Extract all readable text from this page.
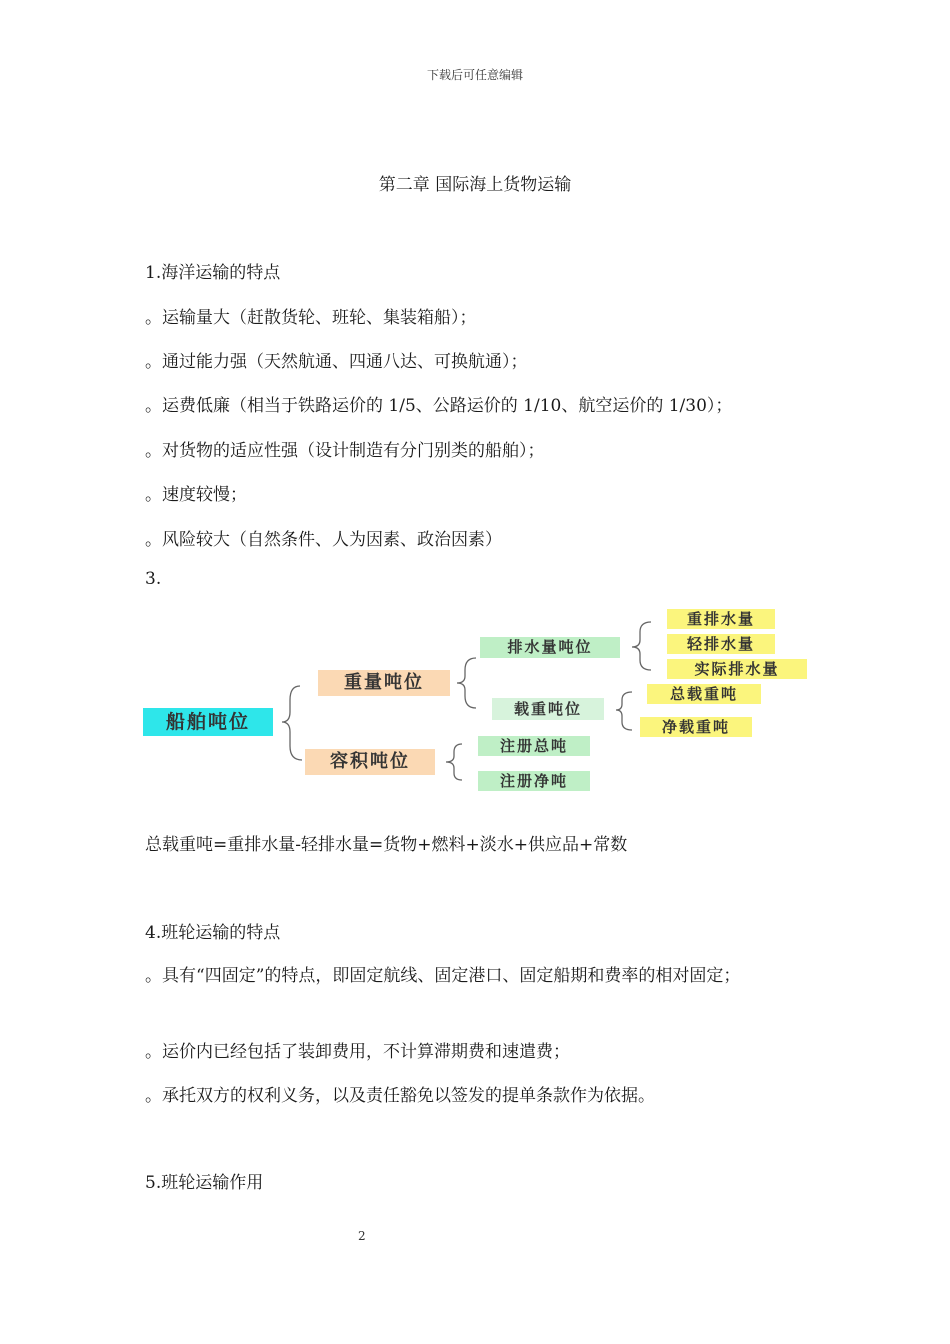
下载后可任意编辑
第二章 国际海上货物运输
1.海洋运输的特点
。运输量大（赶散货轮、班轮、集装箱船）；
。通过能力强（天然航通、四通八达、可换航通）；
。运费低廉（相当于铁路运价的 1/5、公路运价的 1/10、航空运价的 1/30）；
。对货物的适应性强（设计制造有分门别类的船舶）；
。速度较慢；
。风险较大（自然条件、人为因素、政治因素）
3.
船舶吨位
重量吨位
容积吨位
排水量吨位
载重吨位
注册总吨
注册净吨
重排水量
轻排水量
实际排水量
总载重吨
净载重吨
总载重吨=重排水量-轻排水量=货物+燃料+淡水+供应品+常数
4.班轮运输的特点
。具有“四固定”的特点，即固定航线、固定港口、固定船期和费率的相对固定；
。运价内已经包括了装卸费用，不计算滞期费和速遣费；
。承托双方的权利义务，以及责任豁免以签发的提单条款作为依据。
5.班轮运输作用
2
